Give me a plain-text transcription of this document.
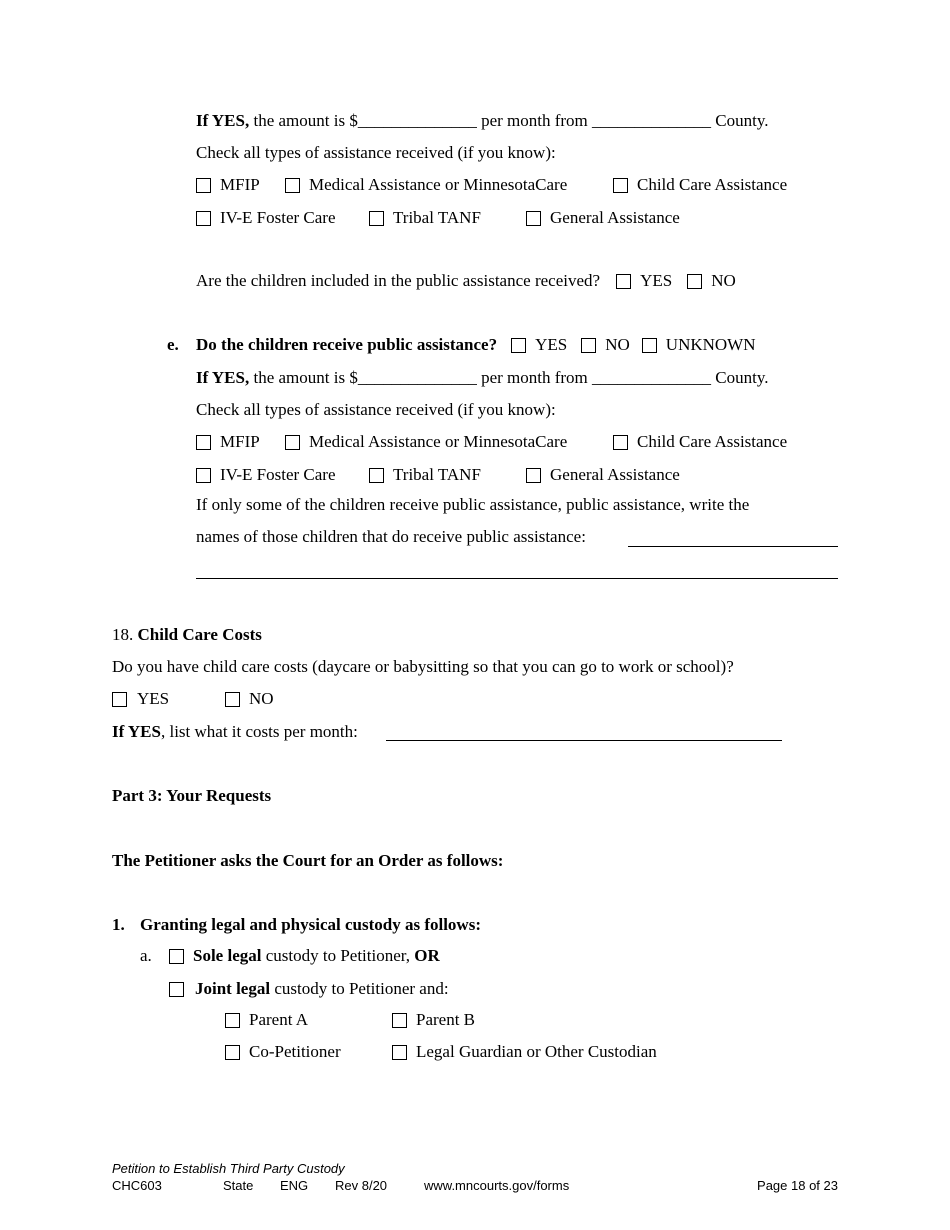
If YES,
the amount is $______________ per month from ______________ County.
Check all types of assistance received (if you know):
MFIP	Medical Assistance or MinnesotaCare	Child Care Assistance
IV-E Foster Care	Tribal TANF	General Assistance
Are the children included in the public assistance received? YES NO
e. Do the children receive public assistance? YES NO UNKNOWN
If YES,
the amount is $______________ per month from ______________ County.
Check all types of assistance received (if you know):
MFIP	Medical Assistance or MinnesotaCare	Child Care Assistance
IV-E Foster Care	Tribal TANF	General Assistance
If only some of the children receive public assistance, public assistance, write the
names of those children that do receive public assistance:
18.
Child Care Costs
Do you have child care costs (daycare or babysitting so that you can go to work or school)?
YES	NO
If YES , list what it costs per month:
Part 3: Your Requests
The Petitioner asks the Court for an Order as follows:
1. Granting legal and physical custody as follows:
a. Sole legal
custody to Petitioner,
OR
Joint legal
custody to Petitioner and:
Parent A	Parent B
Co-Petitioner	Legal Guardian or Other Custodian
Petition to Establish Third Party Custody
CHC603	State ENG Rev 8/20	www.mncourts.gov/forms	Page 18 of 23
